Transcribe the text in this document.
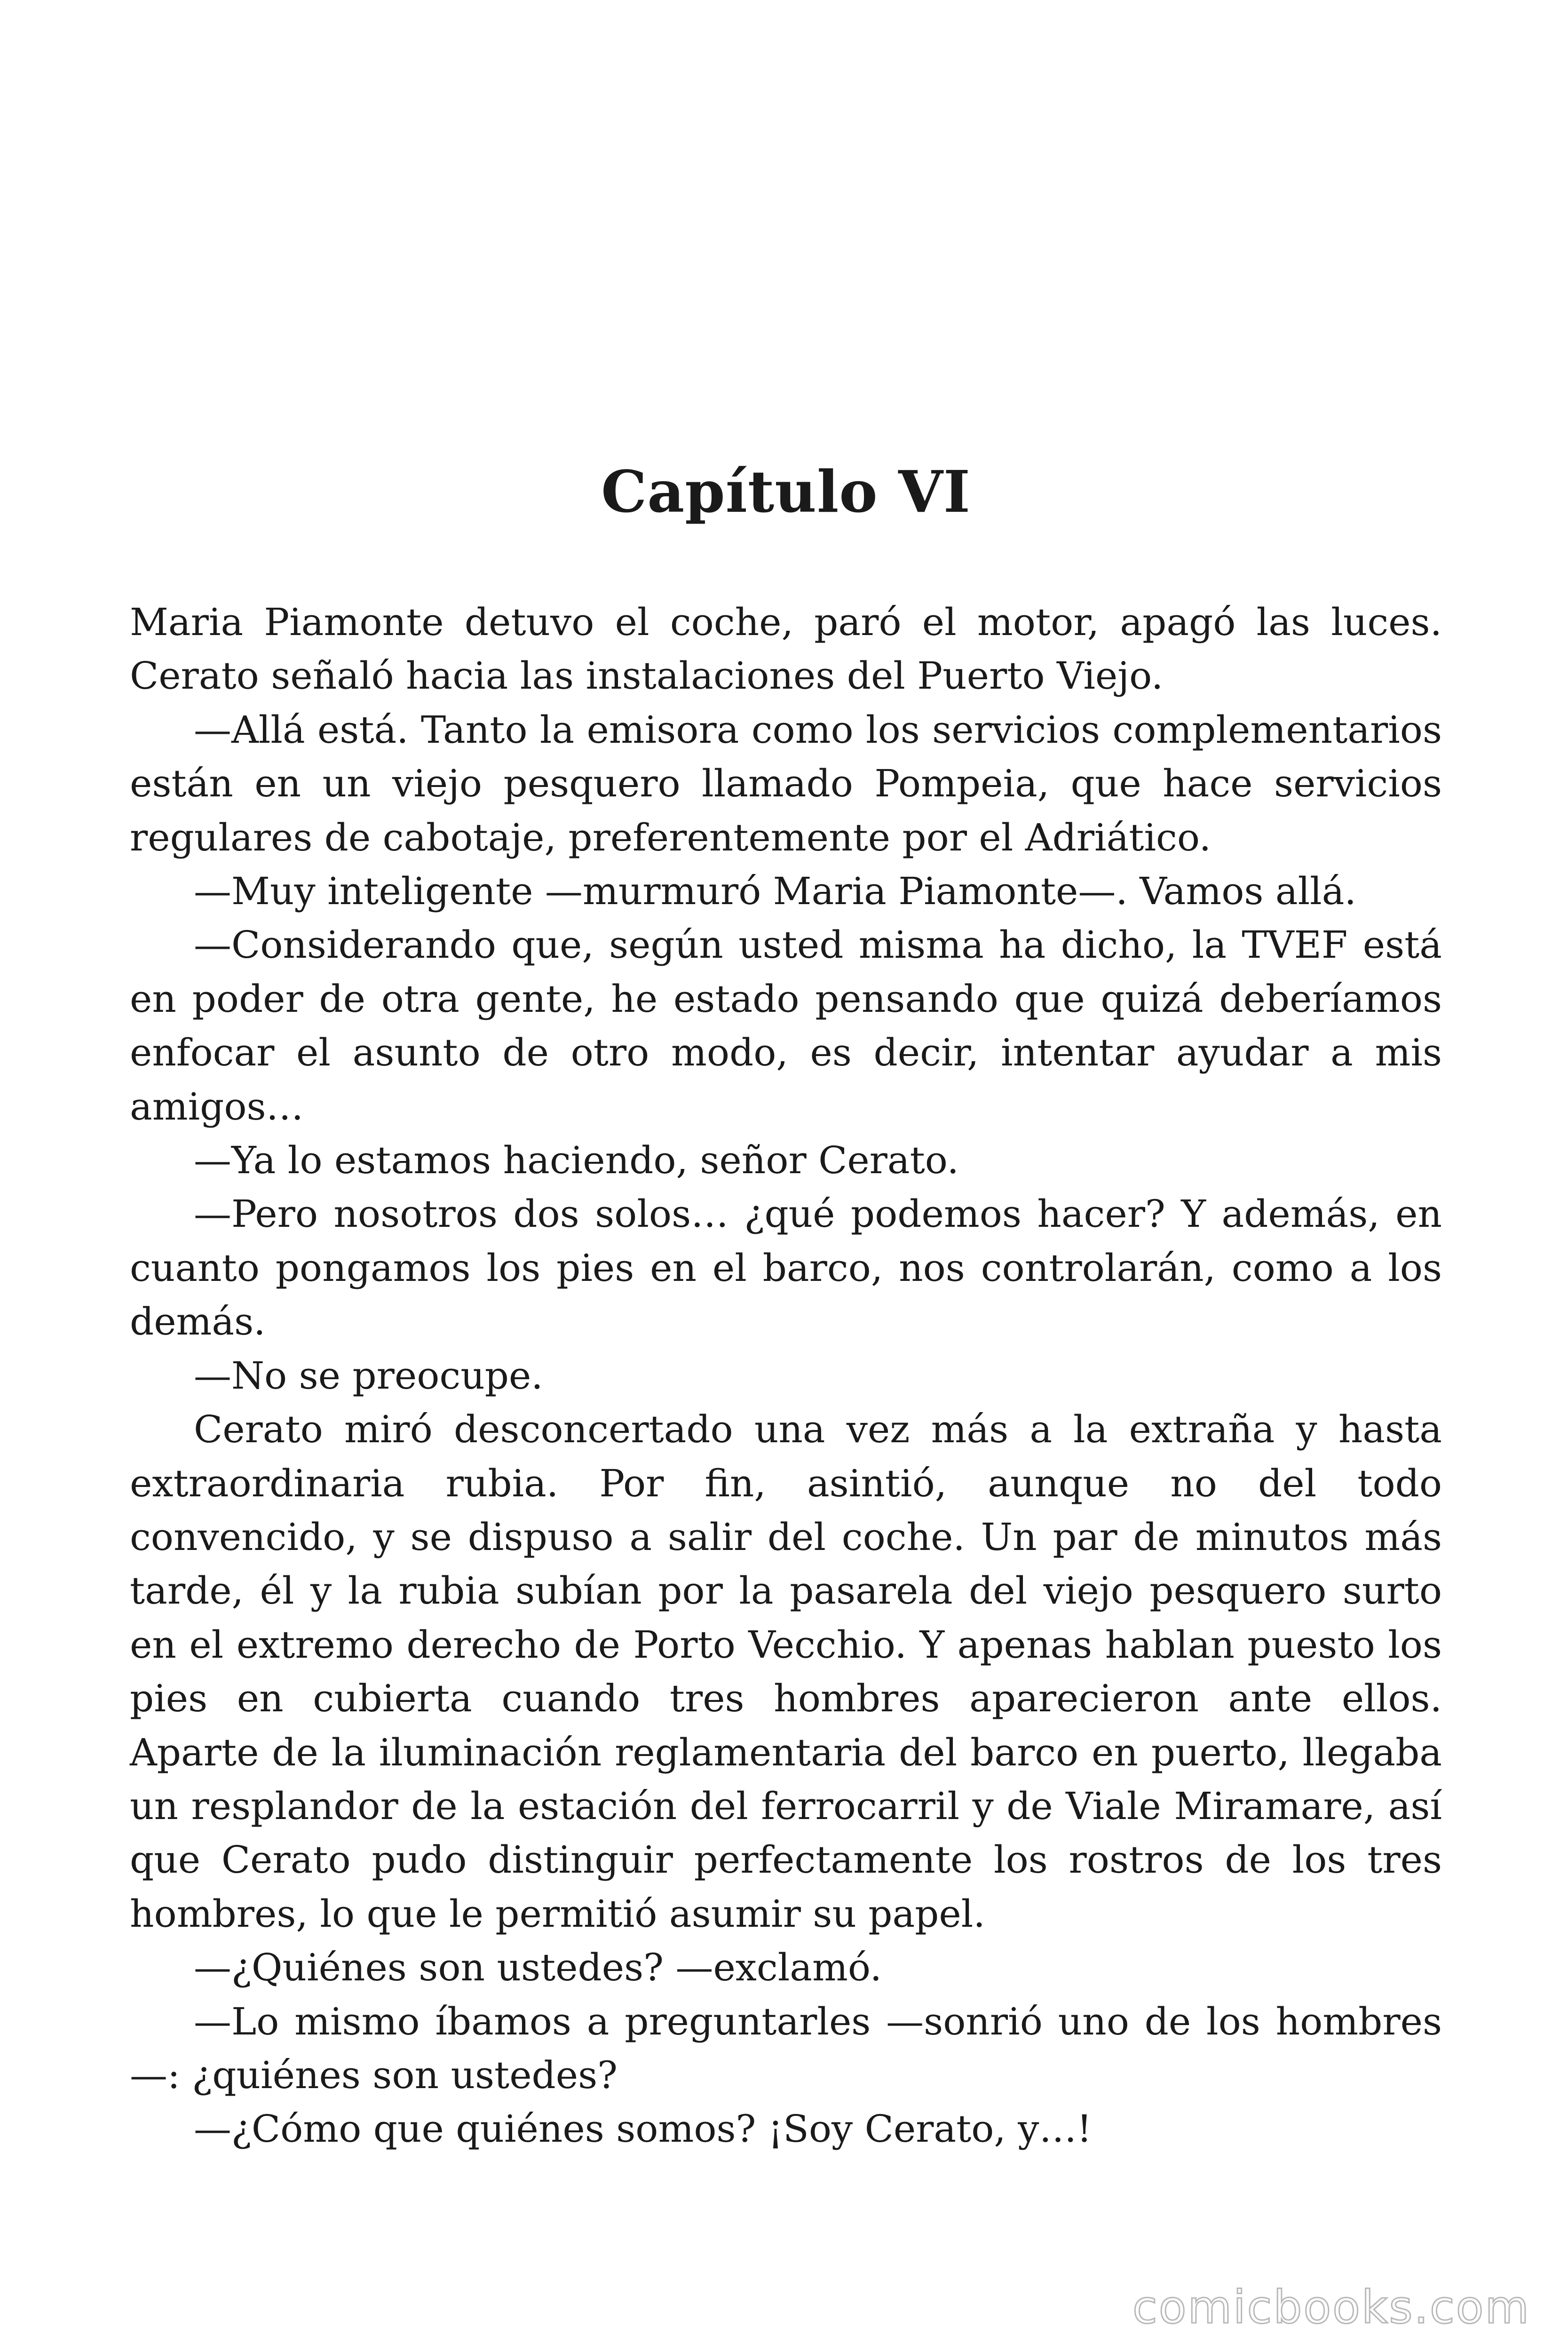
Capítulo VI

Maria Piamonte detuvo el coche, paró el motor, apagó las luces. Cerato señaló hacia las instalaciones del Puerto Viejo.

—Allá está. Tanto la emisora como los servicios complementarios están en un viejo pesquero llamado Pompeia, que hace servicios regulares de cabotaje, preferentemente por el Adriático.

—Muy inteligente —murmuró Maria Piamonte—. Vamos allá.

—Considerando que, según usted misma ha dicho, la TVEF está en poder de otra gente, he estado pensando que quizá deberíamos enfocar el asunto de otro modo, es decir, intentar ayudar a mis amigos…

—Ya lo estamos haciendo, señor Cerato.

—Pero nosotros dos solos… ¿qué podemos hacer? Y además, en cuanto pongamos los pies en el barco, nos controlarán, como a los demás.

—No se preocupe.

Cerato miró desconcertado una vez más a la extraña y hasta extraordinaria rubia. Por fin, asintió, aunque no del todo convencido, y se dispuso a salir del coche. Un par de minutos más tarde, él y la rubia subían por la pasarela del viejo pesquero surto en el extremo derecho de Porto Vecchio. Y apenas hablan puesto los pies en cubierta cuando tres hombres aparecieron ante ellos. Aparte de la iluminación reglamentaria del barco en puerto, llegaba un resplandor de la estación del ferrocarril y de Viale Miramare, así que Cerato pudo distinguir perfectamente los rostros de los tres hombres, lo que le permitió asumir su papel.

—¿Quiénes son ustedes? —exclamó.

—Lo mismo íbamos a preguntarles —sonrió uno de los hombres —: ¿quiénes son ustedes?

—¿Cómo que quiénes somos? ¡Soy Cerato, y…!

comicbooks.com
